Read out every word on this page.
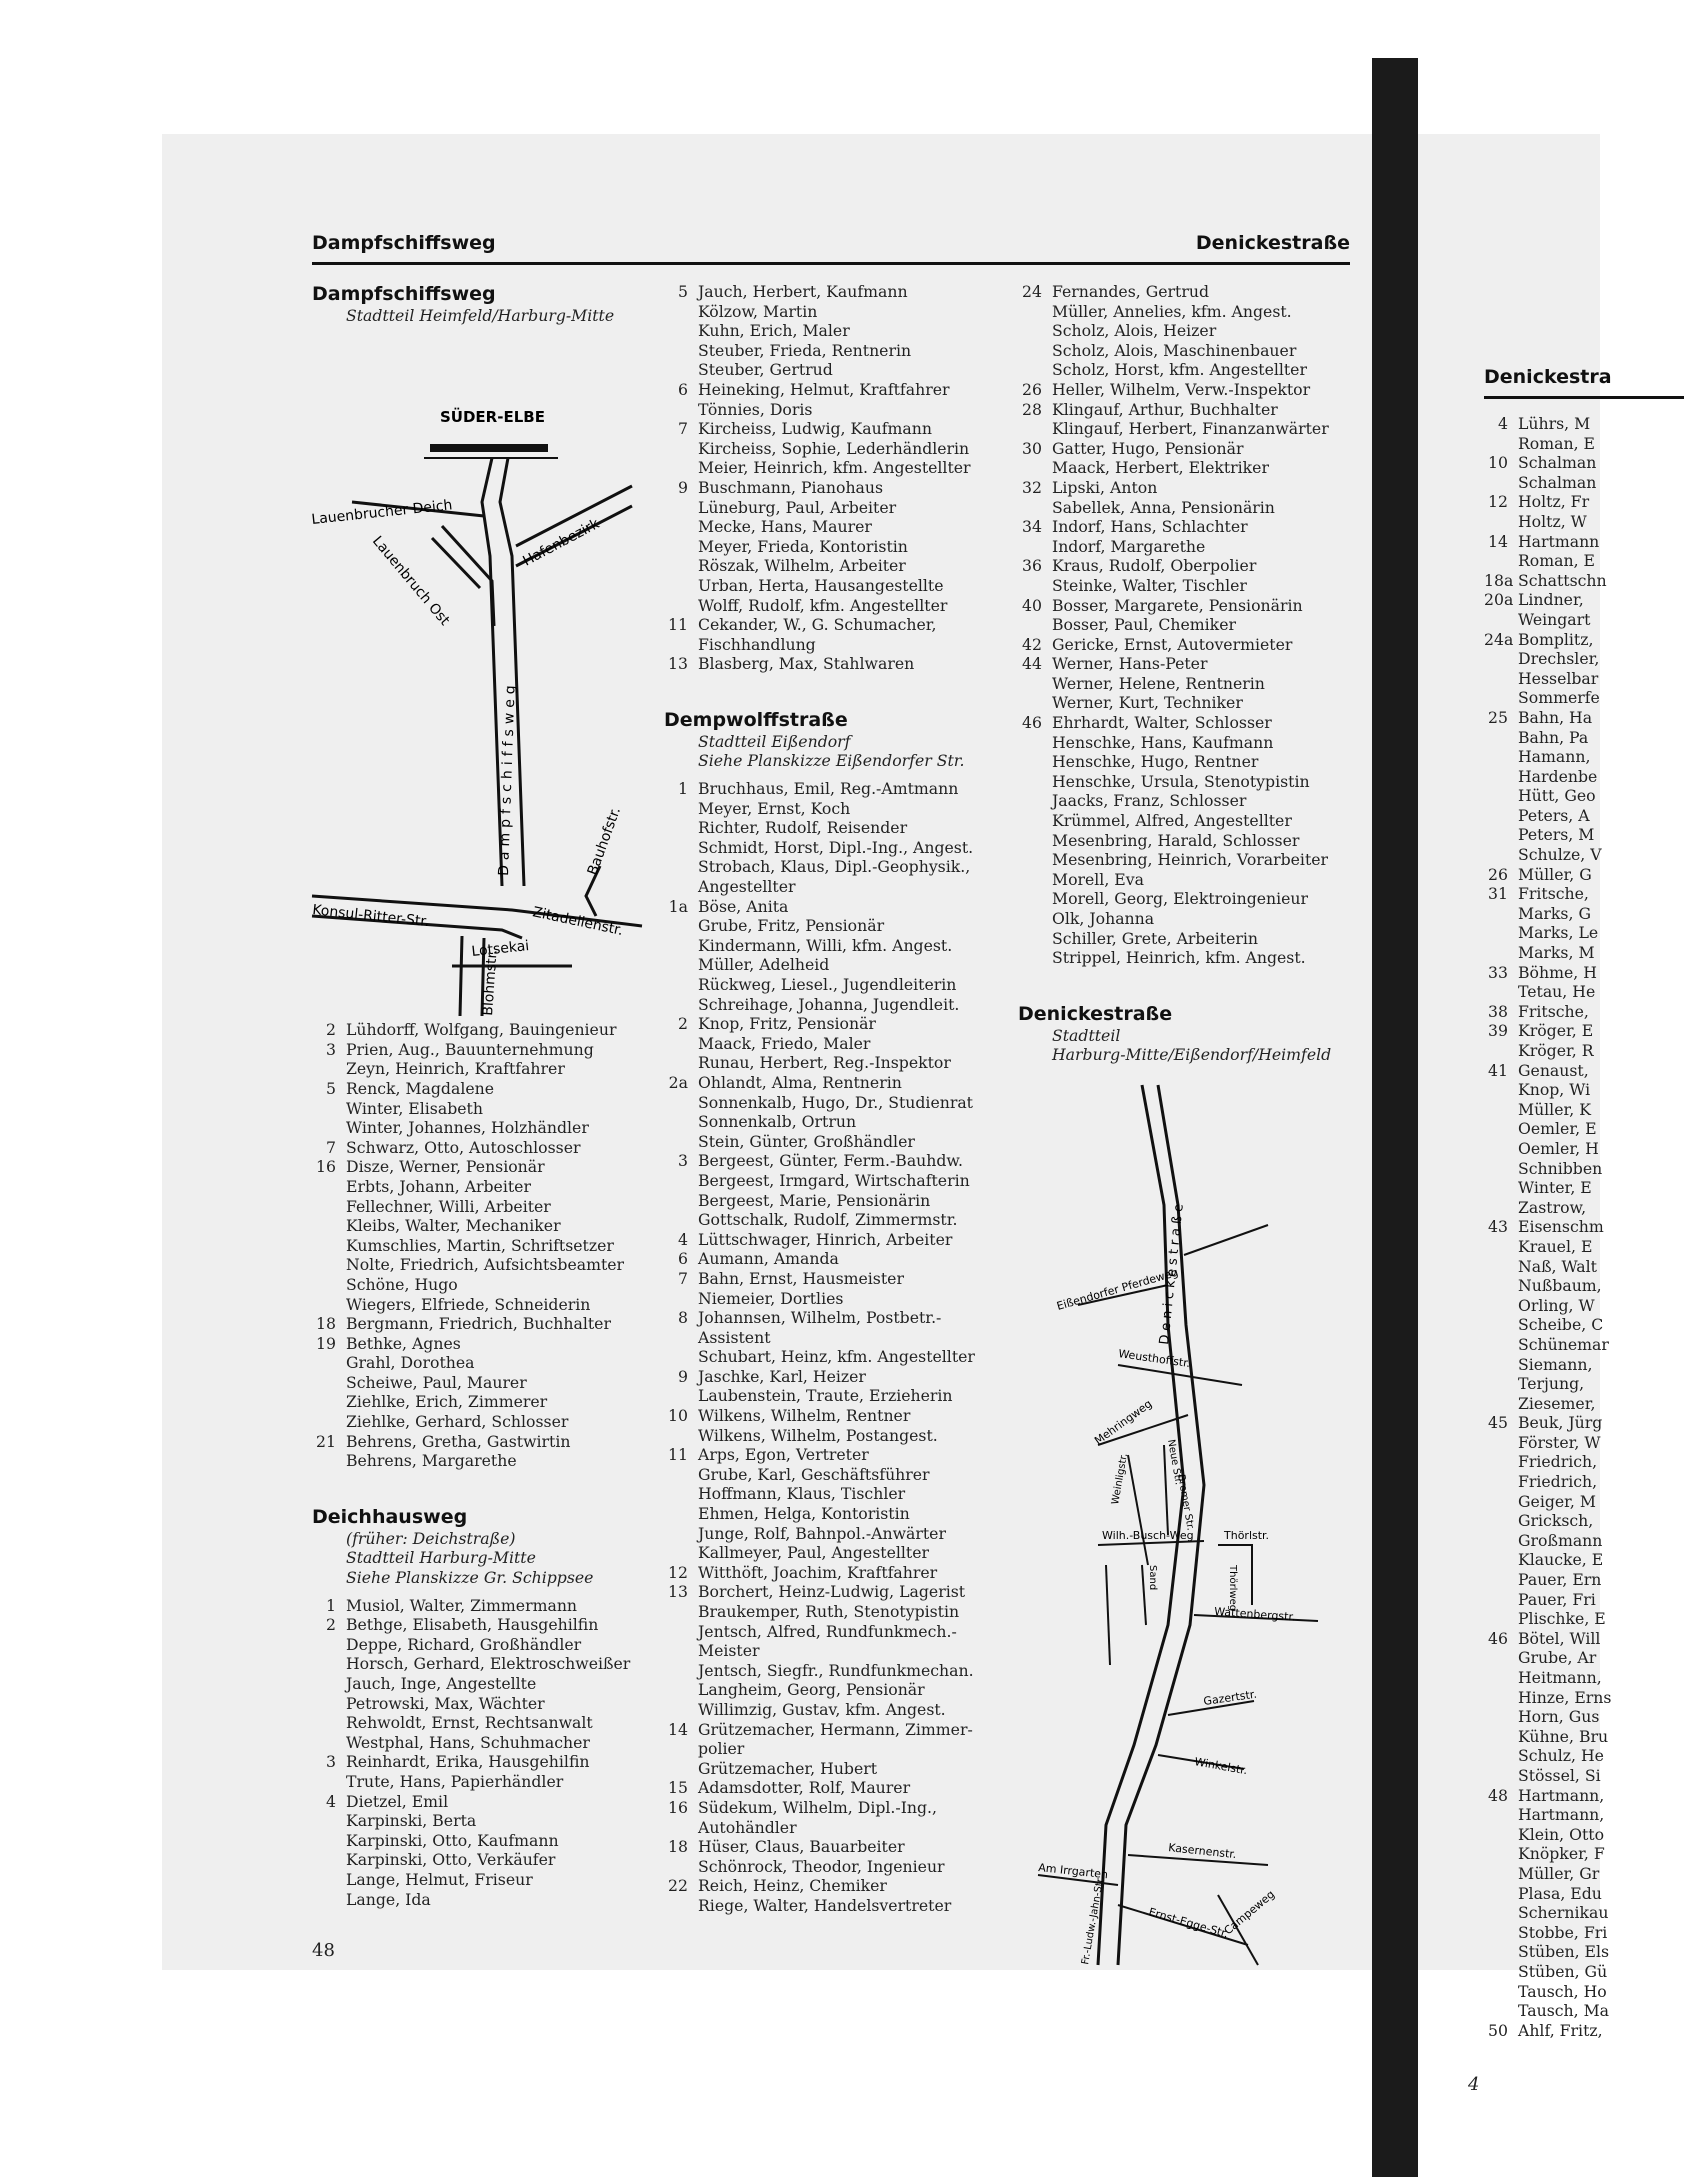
Denickestra
4 Lührs, M
Roman, E
10 Schalman
Schalman
12 Holtz, Fr
Holtz, W
14 Hartmann
Roman, E
18a Schattschn
20a Lindner,
Weingart
24a Bomplitz,
Drechsler,
Hesselbar
Sommerfe
25 Bahn, Ha
Bahn, Pa
Hamann,
Hardenbe
Hütt, Geo
Peters, A
Peters, M
Schulze, V
26 Müller, G
31 Fritsche,
Marks, G
Marks, Le
Marks, M
33 Böhme, H
Tetau, He
38 Fritsche,
39 Kröger, E
Kröger, R
41 Genaust,
Knop, Wi
Müller, K
Oemler, E
Oemler, H
Schnibben
Winter, E
Zastrow,
43 Eisenschm
Krauel, E
Naß, Walt
Nußbaum,
Orling, W
Scheibe, C
Schünemar
Siemann,
Terjung,
Ziesemer,
45 Beuk, Jürg
Förster, W
Friedrich,
Friedrich,
Geiger, M
Gricksch,
Großmann
Klaucke, E
Pauer, Ern
Pauer, Fri
Plischke, E
46 Bötel, Will
Grube, Ar
Heitmann,
Hinze, Erns
Horn, Gus
Kühne, Bru
Schulz, He
Stössel, Si
48 Hartmann,
Hartmann,
Klein, Otto
Knöpker, F
Müller, Gr
Plasa, Edu
Schernikau
Stobbe, Fri
Stüben, Els
Stüben, Gü
Tausch, Ho
Tausch, Ma
50 Ahlf, Fritz,
4
Dampfschiffsweg	Denickestraße
Dampfschiffsweg
Stadtteil Heimfeld/Harburg-Mitte
SÜDER-ELBE
Lauenbrucher Deich
Lauenbruch Ost	Hafenbezirk
Dampfschiffsweg	Bauhofstr.
Konsul-Ritter-Str.	Zitadellenstr.
Lotsekai
Blohmstr.
2 Lühdorff, Wolfgang, Bauingenieur
3 Prien, Aug., Bauunternehmung
Zeyn, Heinrich, Kraftfahrer
5 Renck, Magdalene
Winter, Elisabeth
Winter, Johannes, Holzhändler
7 Schwarz, Otto, Autoschlosser
16 Disze, Werner, Pensionär
Erbts, Johann, Arbeiter
Fellechner, Willi, Arbeiter
Kleibs, Walter, Mechaniker
Kumschlies, Martin, Schriftsetzer
Nolte, Friedrich, Aufsichtsbeamter
Schöne, Hugo
Wiegers, Elfriede, Schneiderin
18 Bergmann, Friedrich, Buchhalter
19 Bethke, Agnes
Grahl, Dorothea
Scheiwe, Paul, Maurer
Ziehlke, Erich, Zimmerer
Ziehlke, Gerhard, Schlosser
21 Behrens, Gretha, Gastwirtin
Behrens, Margarethe
Deichhausweg
(früher: Deichstraße)
Stadtteil Harburg-Mitte
Siehe Planskizze Gr. Schippsee
1 Musiol, Walter, Zimmermann
2 Bethge, Elisabeth, Hausgehilfin
Deppe, Richard, Großhändler
Horsch, Gerhard, Elektroschweißer
Jauch, Inge, Angestellte
Petrowski, Max, Wächter
Rehwoldt, Ernst, Rechtsanwalt
Westphal, Hans, Schuhmacher
3 Reinhardt, Erika, Hausgehilfin
Trute, Hans, Papierhändler
4 Dietzel, Emil
Karpinski, Berta
Karpinski, Otto, Kaufmann
Karpinski, Otto, Verkäufer
Lange, Helmut, Friseur
Lange, Ida
5 Jauch, Herbert, Kaufmann
Kölzow, Martin
Kuhn, Erich, Maler
Steuber, Frieda, Rentnerin
Steuber, Gertrud
6 Heineking, Helmut, Kraftfahrer
Tönnies, Doris
7 Kircheiss, Ludwig, Kaufmann
Kircheiss, Sophie, Lederhändlerin
Meier, Heinrich, kfm. Angestellter
9 Buschmann, Pianohaus
Lüneburg, Paul, Arbeiter
Mecke, Hans, Maurer
Meyer, Frieda, Kontoristin
Röszak, Wilhelm, Arbeiter
Urban, Herta, Hausangestellte
Wolff, Rudolf, kfm. Angestellter
11 Cekander, W., G. Schumacher,
Fischhandlung
13 Blasberg, Max, Stahlwaren
Dempwolffstraße
Stadtteil Eißendorf
Siehe Planskizze Eißendorfer Str.
1 Bruchhaus, Emil, Reg.-Amtmann
Meyer, Ernst, Koch
Richter, Rudolf, Reisender
Schmidt, Horst, Dipl.-Ing., Angest.
Strobach, Klaus, Dipl.-Geophysik.,
Angestellter
1a Böse, Anita
Grube, Fritz, Pensionär
Kindermann, Willi, kfm. Angest.
Müller, Adelheid
Rückweg, Liesel., Jugendleiterin
Schreihage, Johanna, Jugendleit.
2 Knop, Fritz, Pensionär
Maack, Friedo, Maler
Runau, Herbert, Reg.-Inspektor
2a Ohlandt, Alma, Rentnerin
Sonnenkalb, Hugo, Dr., Studienrat
Sonnenkalb, Ortrun
Stein, Günter, Großhändler
3 Bergeest, Günter, Ferm.-Bauhdw.
Bergeest, Irmgard, Wirtschafterin
Bergeest, Marie, Pensionärin
Gottschalk, Rudolf, Zimmermstr.
4 Lüttschwager, Hinrich, Arbeiter
6 Aumann, Amanda
7 Bahn, Ernst, Hausmeister
Niemeier, Dortlies
8 Johannsen, Wilhelm, Postbetr.-
Assistent
Schubart, Heinz, kfm. Angestellter
9 Jaschke, Karl, Heizer
Laubenstein, Traute, Erzieherin
10 Wilkens, Wilhelm, Rentner
Wilkens, Wilhelm, Postangest.
11 Arps, Egon, Vertreter
Grube, Karl, Geschäftsführer
Hoffmann, Klaus, Tischler
Ehmen, Helga, Kontoristin
Junge, Rolf, Bahnpol.-Anwärter
Kallmeyer, Paul, Angestellter
12 Witthöft, Joachim, Kraftfahrer
13 Borchert, Heinz-Ludwig, Lagerist
Braukemper, Ruth, Stenotypistin
Jentsch, Alfred, Rundfunkmech.-
Meister
Jentsch, Siegfr., Rundfunkmechan.
Langheim, Georg, Pensionär
Willimzig, Gustav, kfm. Angest.
14 Grützemacher, Hermann, Zimmer-
polier
Grützemacher, Hubert
15 Adamsdotter, Rolf, Maurer
16 Südekum, Wilhelm, Dipl.-Ing.,
Autohändler
18 Hüser, Claus, Bauarbeiter
Schönrock, Theodor, Ingenieur
22 Reich, Heinz, Chemiker
Riege, Walter, Handelsvertreter
24 Fernandes, Gertrud
Müller, Annelies, kfm. Angest.
Scholz, Alois, Heizer
Scholz, Alois, Maschinenbauer
Scholz, Horst, kfm. Angestellter
26 Heller, Wilhelm, Verw.-Inspektor
28 Klingauf, Arthur, Buchhalter
Klingauf, Herbert, Finanzanwärter
30 Gatter, Hugo, Pensionär
Maack, Herbert, Elektriker
32 Lipski, Anton
Sabellek, Anna, Pensionärin
34 Indorf, Hans, Schlachter
Indorf, Margarethe
36 Kraus, Rudolf, Oberpolier
Steinke, Walter, Tischler
40 Bosser, Margarete, Pensionärin
Bosser, Paul, Chemiker
42 Gericke, Ernst, Autovermieter
44 Werner, Hans-Peter
Werner, Helene, Rentnerin
Werner, Kurt, Techniker
46 Ehrhardt, Walter, Schlosser
Henschke, Hans, Kaufmann
Henschke, Hugo, Rentner
Henschke, Ursula, Stenotypistin
Jaacks, Franz, Schlosser
Krümmel, Alfred, Angestellter
Mesenbring, Harald, Schlosser
Mesenbring, Heinrich, Vorarbeiter
Morell, Eva
Morell, Georg, Elektroingenieur
Olk, Johanna
Schiller, Grete, Arbeiterin
Strippel, Heinrich, kfm. Angest.
Denickestraße
Stadtteil
Harburg-Mitte/Eißendorf/Heimfeld
Denickestraße
Eißendorfer Pferdeweg
Weusthoffstr.
Mehringweg
Neue Str.
Weinligstr.	Bremer Str.
Wilh.-Busch-Weg	Thörlstr.
Thörlweg
Sand
Wattenbergstr.
Gazertstr.
Winkelstr.
Kasernenstr.
Am Irrgarten
Ernst-Egge-Str.
Campeweg
Fr.-Ludw.-Jahn-Str.
48
